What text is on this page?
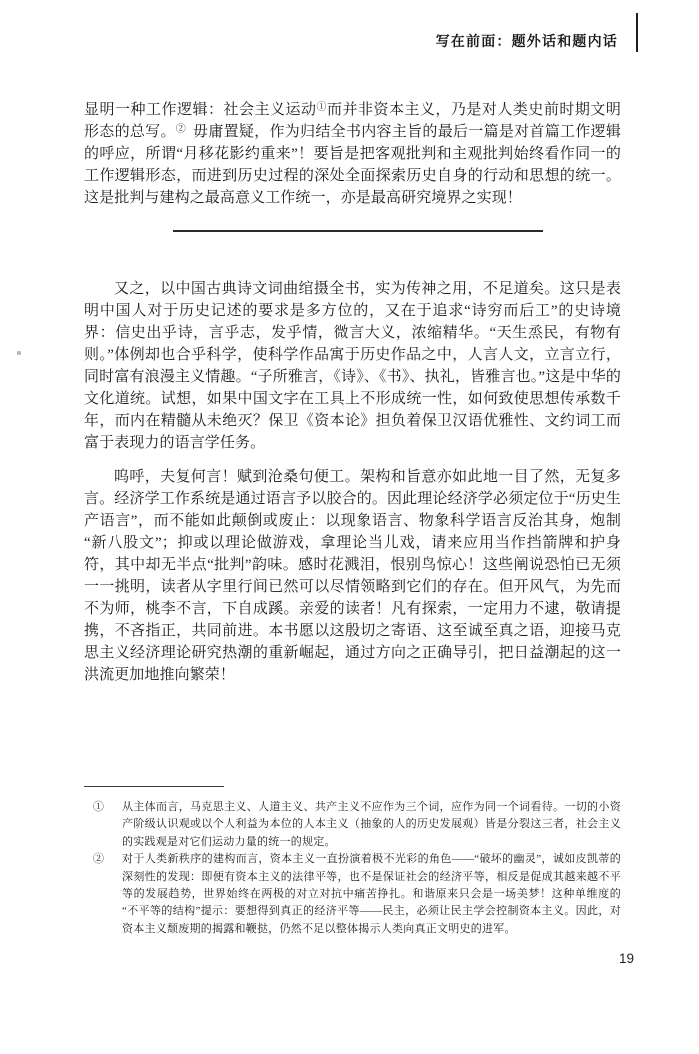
写在前面：题外话和题内话

显明一种工作逻辑：社会主义运动①而并非资本主义，乃是对人类史前时期文明形态的总写。② 毋庸置疑，作为归结全书内容主旨的最后一篇是对首篇工作逻辑的呼应，所谓“月移花影约重来”！要旨是把客观批判和主观批判始终看作同一的工作逻辑形态，而进到历史过程的深处全面探索历史自身的行动和思想的统一。这是批判与建构之最高意义工作统一，亦是最高研究境界之实现！

又之，以中国古典诗文词曲绾摄全书，实为传神之用，不足道矣。这只是表明中国人对于历史记述的要求是多方位的，又在于追求“诗穷而后工”的史诗境界：信史出乎诗，言乎志，发乎情，微言大义，浓缩精华。“天生烝民，有物有则。”体例却也合乎科学，使科学作品寓于历史作品之中，人言人文，立言立行，同时富有浪漫主义情趣。“子所雅言，《诗》、《书》、执礼，皆雅言也。”这是中华的文化道统。试想，如果中国文字在工具上不形成统一性，如何致使思想传承数千年，而内在精髓从未绝灭？保卫《资本论》担负着保卫汉语优雅性、文约词工而富于表现力的语言学任务。

呜呼，夫复何言！赋到沧桑句便工。架构和旨意亦如此地一目了然，无复多言。经济学工作系统是通过语言予以胶合的。因此理论经济学必须定位于“历史生产语言”，而不能如此颠倒或废止：以现象语言、物象科学语言反治其身，炮制“新八股文”；抑或以理论做游戏，拿理论当儿戏，请来应用当作挡箭牌和护身符，其中却无半点“批判”韵味。感时花溅泪，恨别鸟惊心！这些阐说恐怕已无须一一挑明，读者从字里行间已然可以尽情领略到它们的存在。但开风气，为先而不为师，桃李不言，下自成蹊。亲爱的读者！凡有探索，一定用力不逮，敬请提携，不吝指正，共同前进。本书愿以这殷切之寄语、这至诚至真之语，迎接马克思主义经济理论研究热潮的重新崛起，通过方向之正确导引，把日益潮起的这一洪流更加地推向繁荣！

①	从主体而言，马克思主义、人道主义、共产主义不应作为三个词，应作为同一个词看待。一切的小资产阶级认识观或以个人利益为本位的人本主义（抽象的人的历史发展观）皆是分裂这三者，社会主义的实践观是对它们运动力量的统一的规定。
②	对于人类新秩序的建构而言，资本主义一直扮演着极不光彩的角色——“破坏的幽灵”，诚如皮凯蒂的深刻性的发现：即便有资本主义的法律平等，也不是保证社会的经济平等，相反是促成其越来越不平等的发展趋势，世界始终在两极的对立对抗中痛苦挣扎。和谐原来只会是一场美梦！这种单维度的“不平等的结构”提示：要想得到真正的经济平等——民主，必须让民主学会控制资本主义。因此，对资本主义颓废期的揭露和鞭挞，仍然不足以整体揭示人类向真正文明史的进军。
19
